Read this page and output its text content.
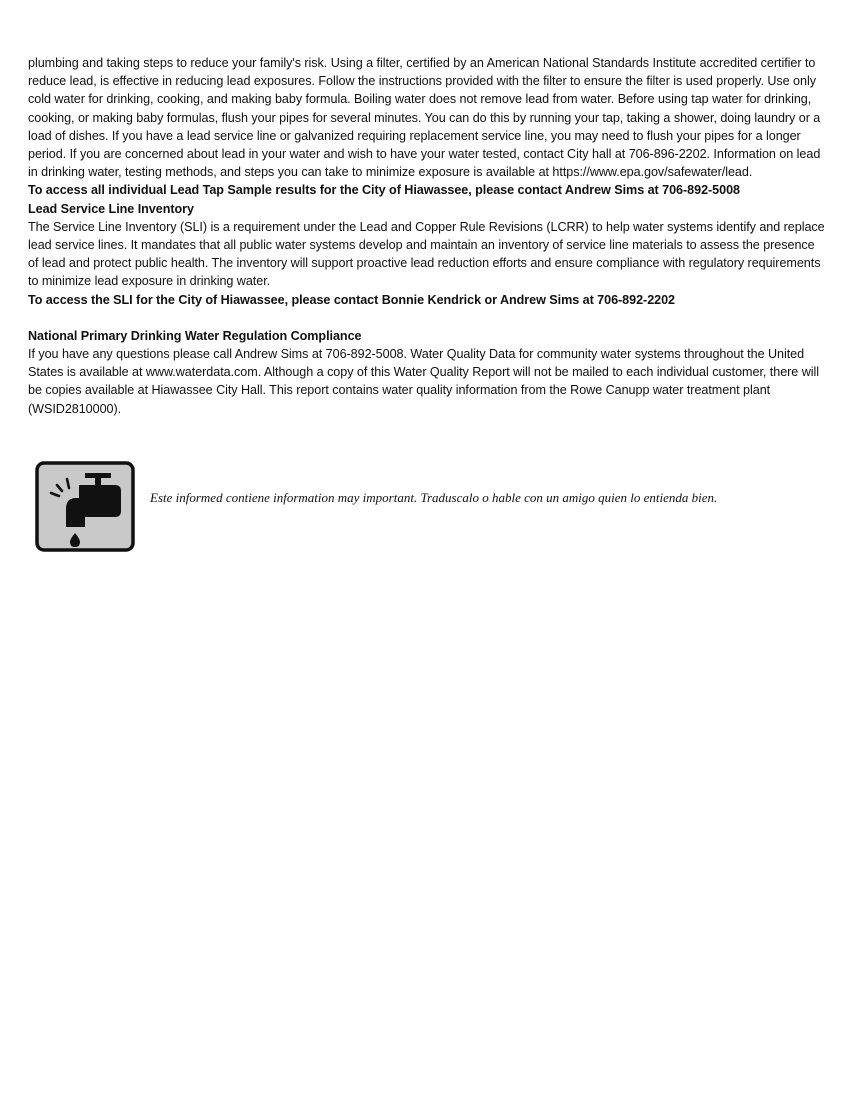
plumbing and taking steps to reduce your family's risk. Using a filter, certified by an American National Standards Institute accredited certifier to reduce lead, is effective in reducing lead exposures. Follow the instructions provided with the filter to ensure the filter is used properly. Use only cold water for drinking, cooking, and making baby formula. Boiling water does not remove lead from water. Before using tap water for drinking, cooking, or making baby formulas, flush your pipes for several minutes. You can do this by running your tap, taking a shower, doing laundry or a load of dishes. If you have a lead service line or galvanized requiring replacement service line, you may need to flush your pipes for a longer period. If you are concerned about lead in your water and wish to have your water tested, contact City hall at 706-896-2202. Information on lead in drinking water, testing methods, and steps you can take to minimize exposure is available at https://www.epa.gov/safewater/lead.

To access all individual Lead Tap Sample results for the City of Hiawassee, please contact Andrew Sims at 706-892-5008

Lead Service Line Inventory

The Service Line Inventory (SLI) is a requirement under the Lead and Copper Rule Revisions (LCRR) to help water systems identify and replace lead service lines. It mandates that all public water systems develop and maintain an inventory of service line materials to assess the presence of lead and protect public health. The inventory will support proactive lead reduction efforts and ensure compliance with regulatory requirements to minimize lead exposure in drinking water.

To access the SLI for the City of Hiawassee, please contact Bonnie Kendrick or Andrew Sims at 706-892-2202

National Primary Drinking Water Regulation Compliance

If you have any questions please call Andrew Sims at 706-892-5008. Water Quality Data for community water systems throughout the United States is available at www.waterdata.com. Although a copy of this Water Quality Report will not be mailed to each individual customer, there will be copies available at Hiawassee City Hall. This report contains water quality information from the Rowe Canupp water treatment plant (WSID2810000).

Este informed contiene information may important. Traduscalo o hable con un amigo quien lo entienda bien.
